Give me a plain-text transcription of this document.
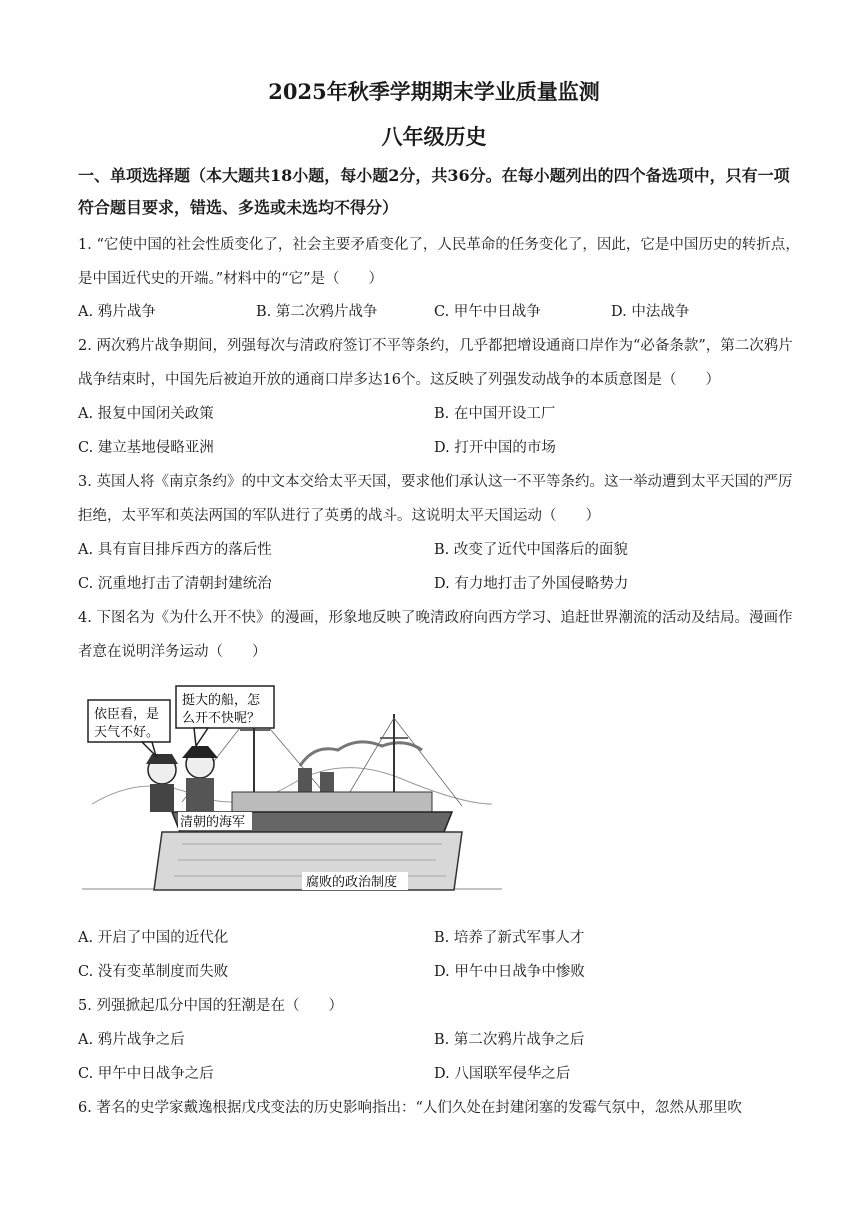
2025年秋季学期期末学业质量监测
八年级历史
一、单项选择题（本大题共18小题，每小题2分，共36分。在每小题列出的四个备选项中，只有一项符合题目要求，错选、多选或未选均不得分）
1. “它使中国的社会性质变化了，社会主要矛盾变化了，人民革命的任务变化了，因此，它是中国历史的转折点，是中国近代史的开端。”材料中的“它”是（　　）
A. 鸦片战争	B. 第二次鸦片战争	C. 甲午中日战争	D. 中法战争
2. 两次鸦片战争期间，列强每次与清政府签订不平等条约，几乎都把增设通商口岸作为“必备条款”，第二次鸦片战争结束时，中国先后被迫开放的通商口岸多达16个。这反映了列强发动战争的本质意图是（　　）
A. 报复中国闭关政策	B. 在中国开设工厂
C. 建立基地侵略亚洲	D. 打开中国的市场
3. 英国人将《南京条约》的中文本交给太平天国，要求他们承认这一不平等条约。这一举动遭到太平天国的严厉拒绝，太平军和英法两国的军队进行了英勇的战斗。这说明太平天国运动（　　）
A. 具有盲目排斥西方的落后性	B. 改变了近代中国落后的面貌
C. 沉重地打击了清朝封建统治	D. 有力地打击了外国侵略势力
4. 下图名为《为什么开不快》的漫画，形象地反映了晚清政府向西方学习、追赶世界潮流的活动及结局。漫画作者意在说明洋务运动（　　）
依臣看，是
天气不好。
挺大的船，怎
么开不快呢？
清朝的海军
腐败的政治制度
A. 开启了中国的近代化	B. 培养了新式军事人才
C. 没有变革制度而失败	D. 甲午中日战争中惨败
5. 列强掀起瓜分中国的狂潮是在（　　）
A. 鸦片战争之后	B. 第二次鸦片战争之后
C. 甲午中日战争之后	D. 八国联军侵华之后
6. 著名的史学家戴逸根据戊戌变法的历史影响指出：“人们久处在封建闭塞的发霉气氛中，忽然从那里吹
